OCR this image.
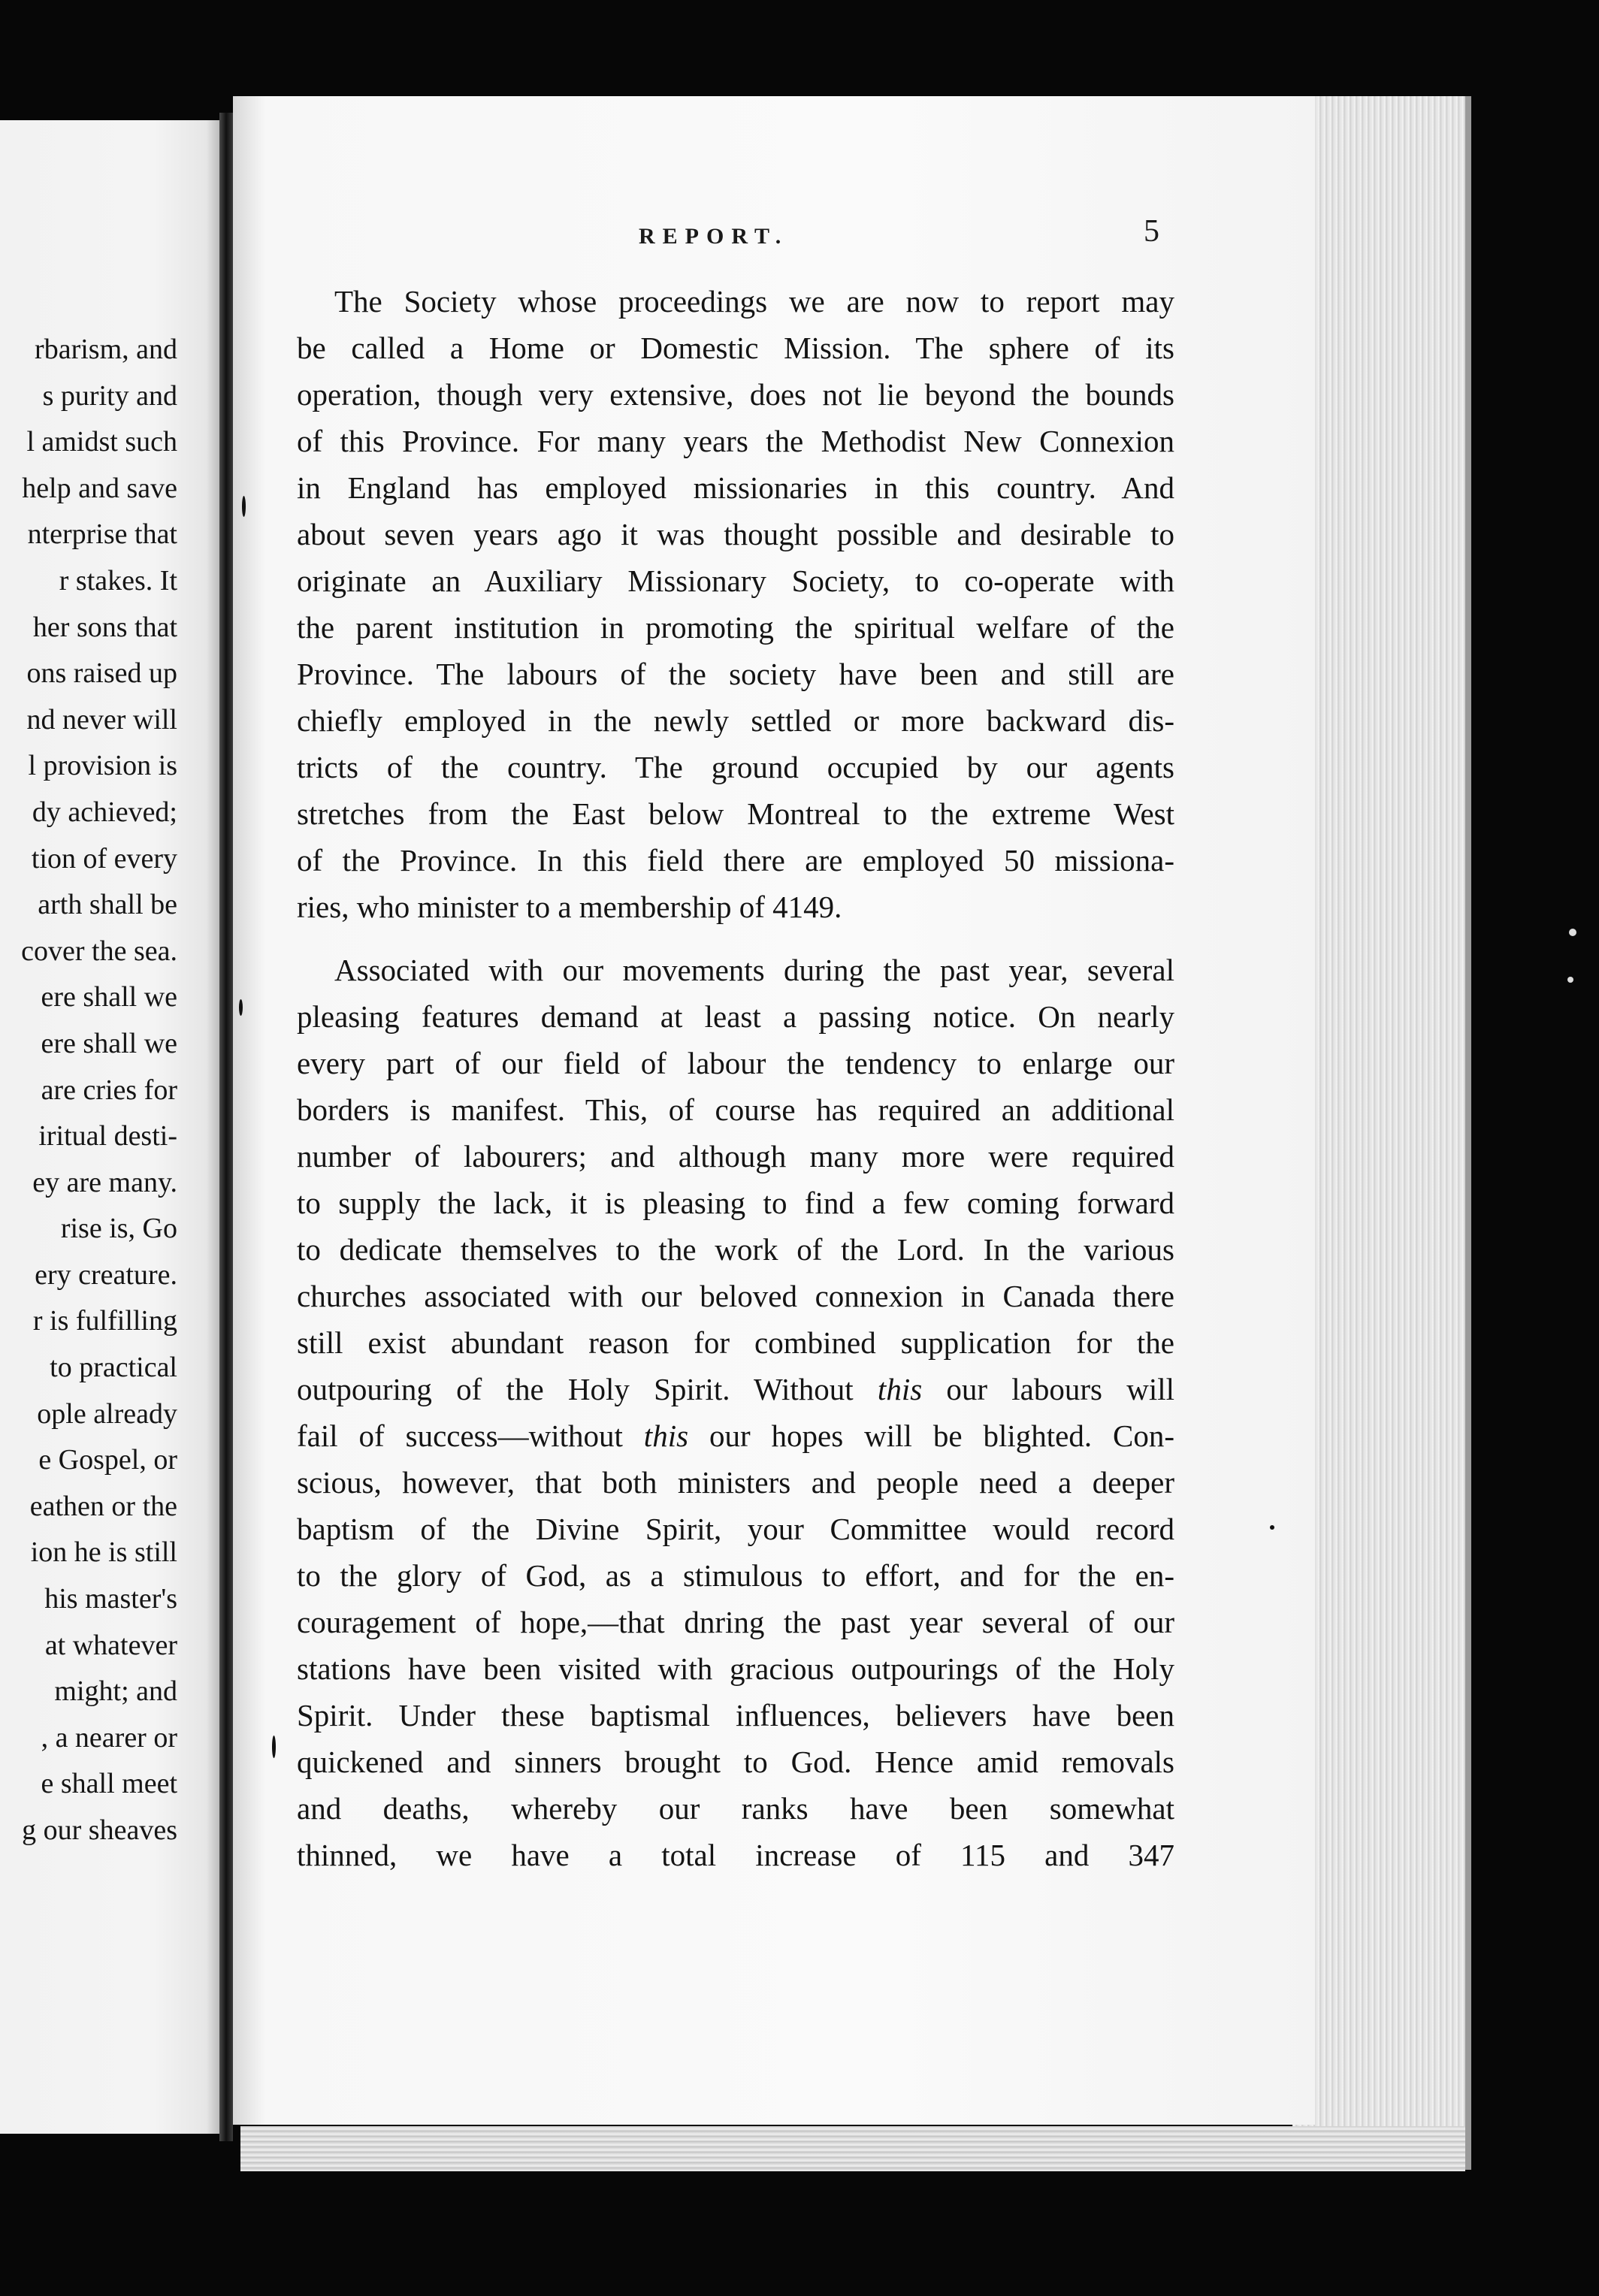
rbarism, and
s purity and
l amidst such
help and save
nterprise that
r stakes. It
her sons that
ons raised up
nd never will
l provision is
dy achieved;
tion of every
arth shall be
cover the sea.
ere shall we
ere shall we
are cries for
iritual desti-
ey are many.
rise is, Go
ery creature.
r is fulfilling
to practical
ople already
e Gospel, or
eathen or the
ion he is still
his master's
at whatever
might; and
, a nearer or
e shall meet
g our sheaves
REPORT.	5
The Society whose proceedings we are now to report may
be called a Home or Domestic Mission. The sphere of its
operation, though very extensive, does not lie beyond the bounds
of this Province. For many years the Methodist New Connexion
in England has employed missionaries in this country. And
about seven years ago it was thought possible and desirable to
originate an Auxiliary Missionary Society, to co-operate with
the parent institution in promoting the spiritual welfare of the
Province. The labours of the society have been and still are
chiefly employed in the newly settled or more backward dis-
tricts of the country. The ground occupied by our agents
stretches from the East below Montreal to the extreme West
of the Province. In this field there are employed 50 missiona-
ries, who minister to a membership of 4149.
Associated with our movements during the past year, several
pleasing features demand at least a passing notice. On nearly
every part of our field of labour the tendency to enlarge our
borders is manifest. This, of course has required an additional
number of labourers; and although many more were required
to supply the lack, it is pleasing to find a few coming forward
to dedicate themselves to the work of the Lord. In the various
churches associated with our beloved connexion in Canada there
still exist abundant reason for combined supplication for the
outpouring of the Holy Spirit. Without this our labours will
fail of success—without this our hopes will be blighted. Con-
scious, however, that both ministers and people need a deeper
baptism of the Divine Spirit, your Committee would record
to the glory of God, as a stimulous to effort, and for the en-
couragement of hope,—that dnring the past year several of our
stations have been visited with gracious outpourings of the Holy
Spirit. Under these baptismal influences, believers have been
quickened and sinners brought to God. Hence amid removals
and deaths, whereby our ranks have been somewhat
thinned, we have a total increase of 115 and 347
